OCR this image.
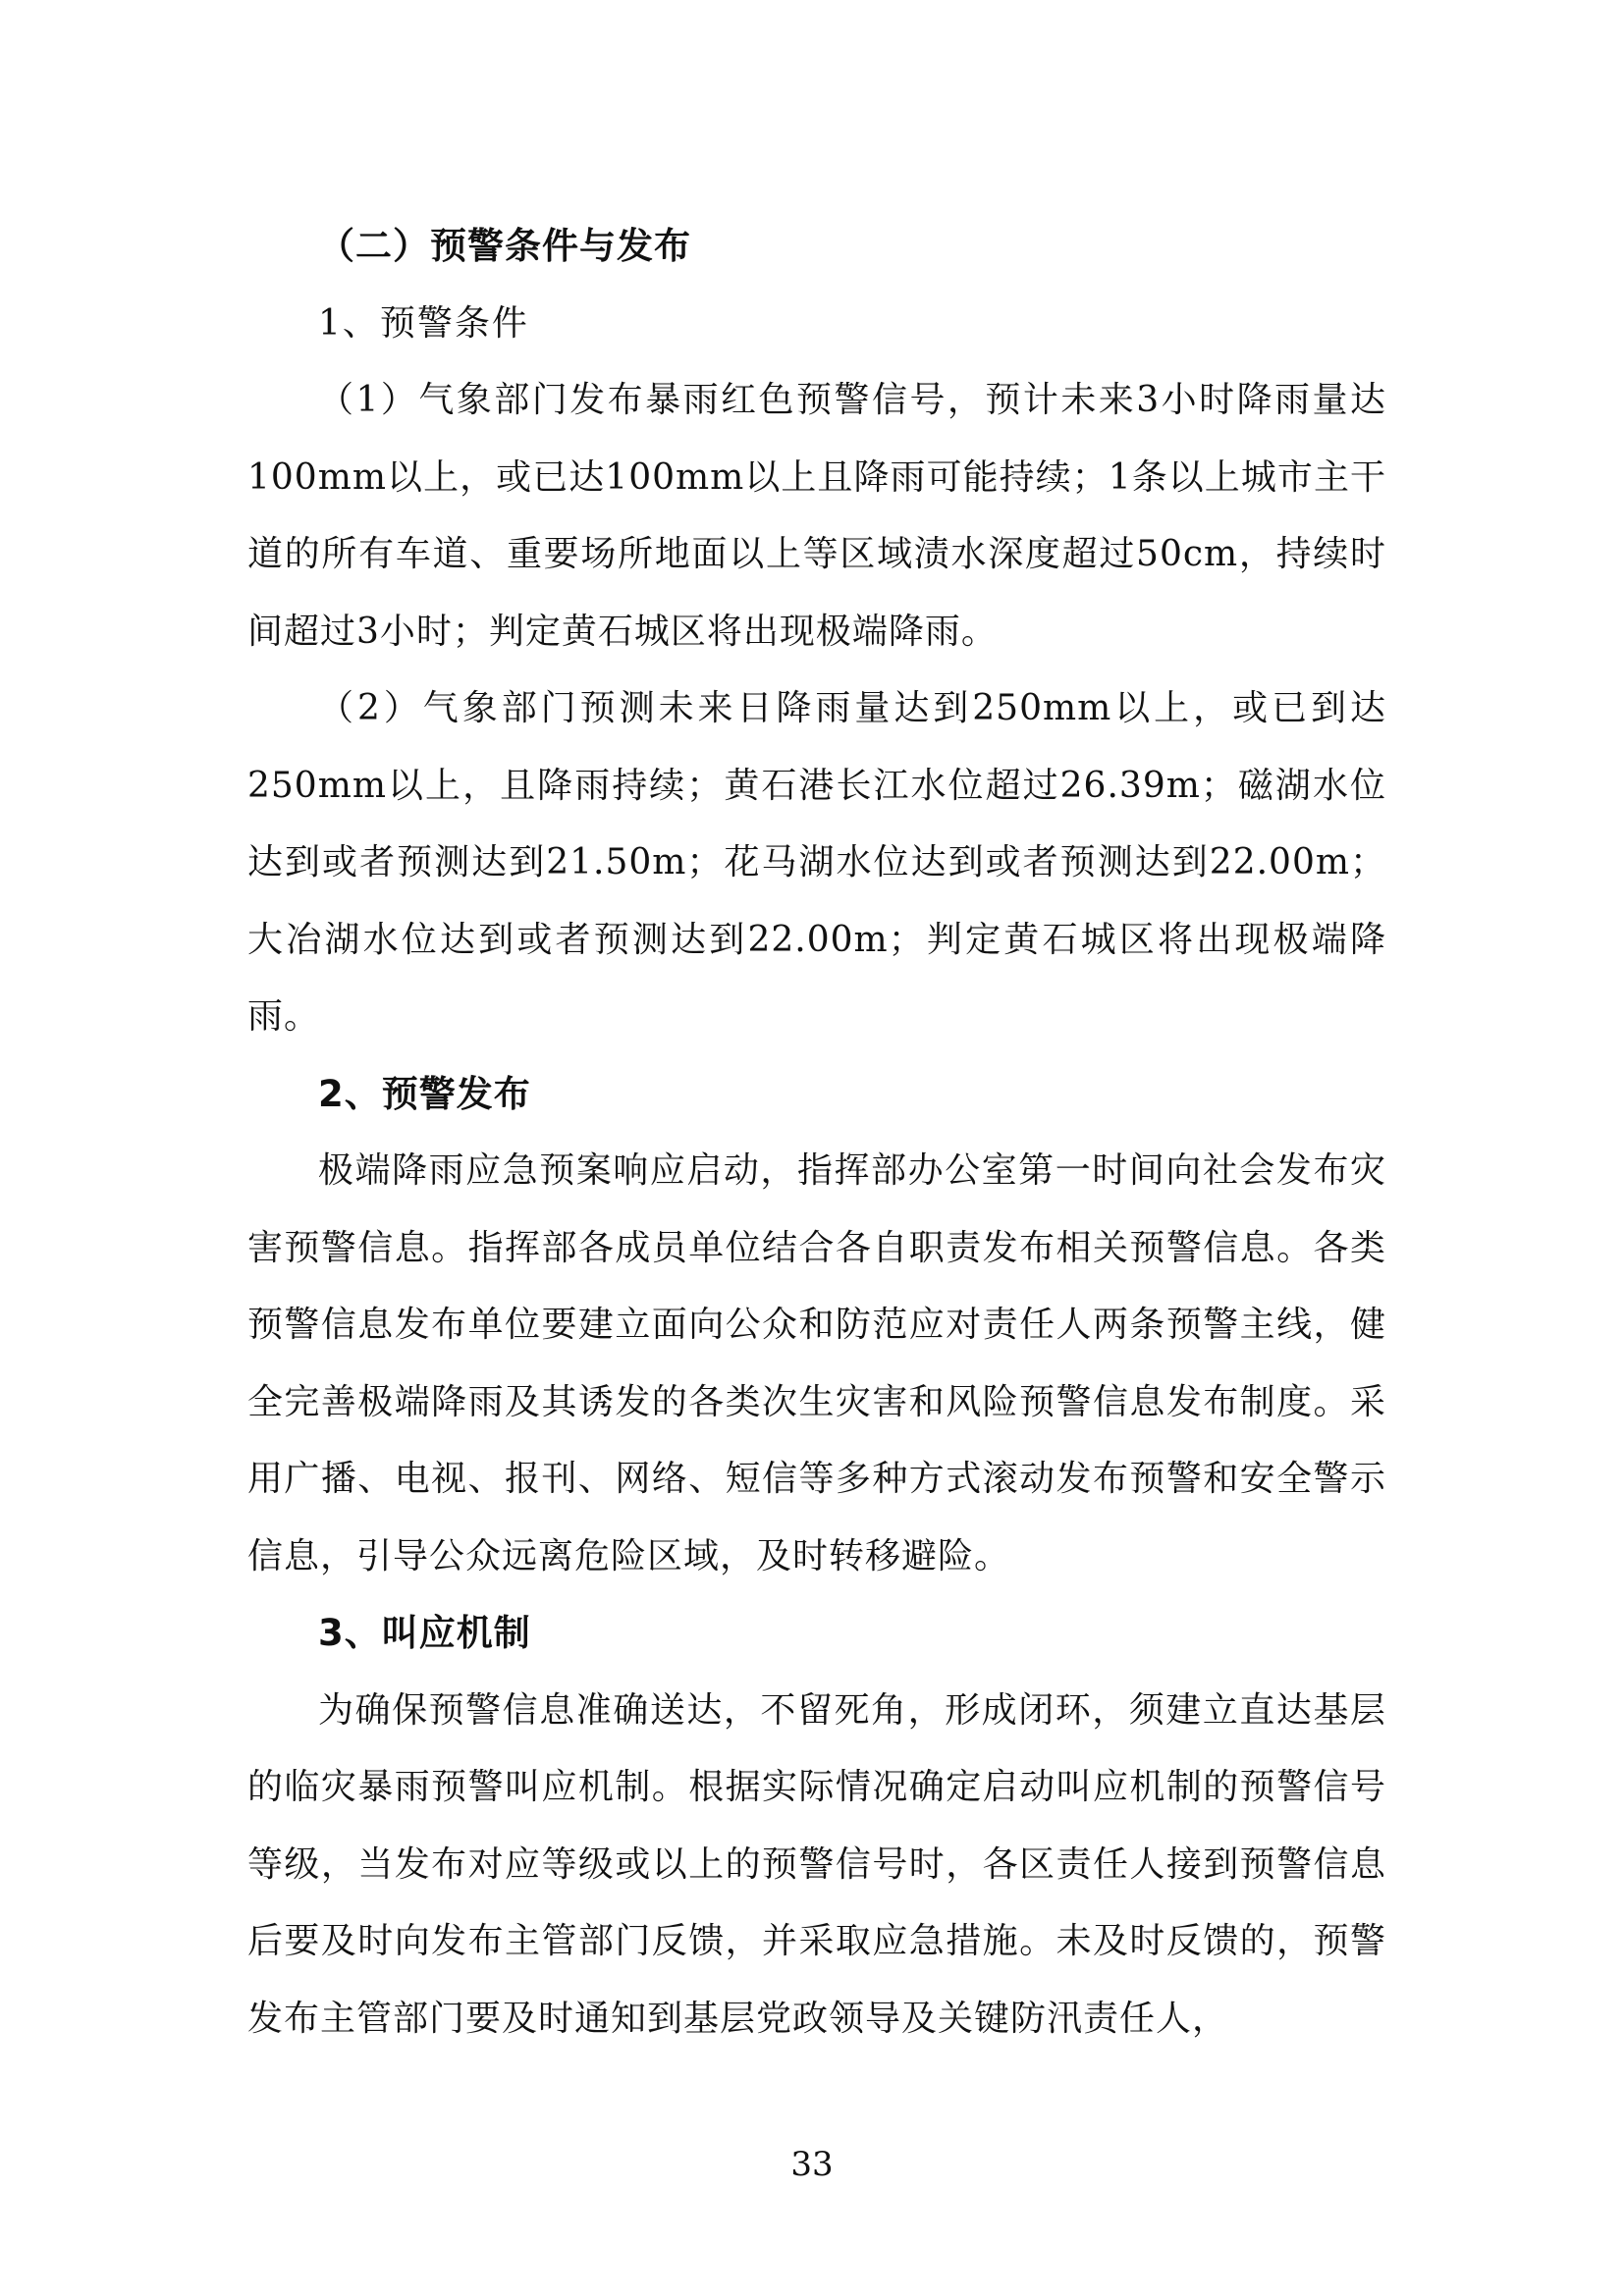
（二）预警条件与发布

1、预警条件

（1）气象部门发布暴雨红色预警信号，预计未来3小时降雨量达100mm以上，或已达100mm以上且降雨可能持续；1条以上城市主干道的所有车道、重要场所地面以上等区域渍水深度超过50cm，持续时间超过3小时；判定黄石城区将出现极端降雨。

（2）气象部门预测未来日降雨量达到250mm以上，或已到达250mm以上，且降雨持续；黄石港长江水位超过26.39m；磁湖水位达到或者预测达到21.50m；花马湖水位达到或者预测达到22.00m；大冶湖水位达到或者预测达到22.00m；判定黄石城区将出现极端降雨。

2、预警发布

极端降雨应急预案响应启动，指挥部办公室第一时间向社会发布灾害预警信息。指挥部各成员单位结合各自职责发布相关预警信息。各类预警信息发布单位要建立面向公众和防范应对责任人两条预警主线，健全完善极端降雨及其诱发的各类次生灾害和风险预警信息发布制度。采用广播、电视、报刊、网络、短信等多种方式滚动发布预警和安全警示信息，引导公众远离危险区域，及时转移避险。

3、叫应机制

为确保预警信息准确送达，不留死角，形成闭环，须建立直达基层的临灾暴雨预警叫应机制。根据实际情况确定启动叫应机制的预警信号等级，当发布对应等级或以上的预警信号时，各区责任人接到预警信息后要及时向发布主管部门反馈，并采取应急措施。未及时反馈的，预警发布主管部门要及时通知到基层党政领导及关键防汛责任人，

33
